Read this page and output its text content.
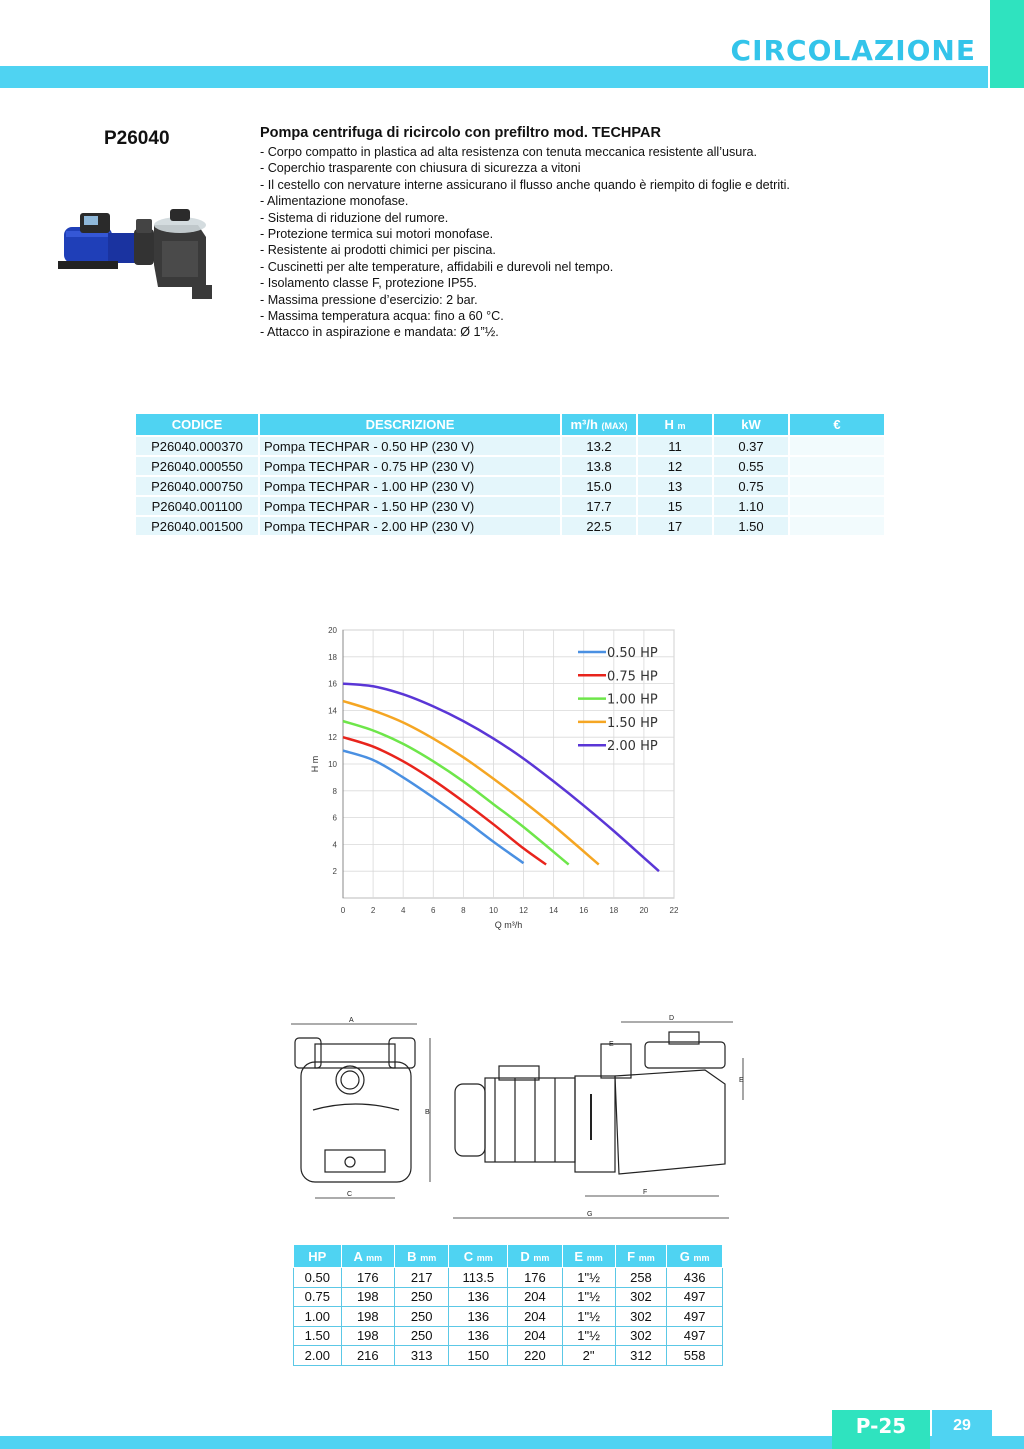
CIRCOLAZIONE
P26040	Pompa centrifuga di ricircolo con prefiltro mod. TECHPAR
- Corpo compatto in plastica ad alta resistenza con tenuta meccanica resistente all’usura.
- Coperchio trasparente con chiusura di sicurezza a vitoni
- Il cestello con nervature interne assicurano il flusso anche quando è riempito di foglie e detriti.
- Alimentazione monofase.
- Sistema di riduzione del rumore.
- Protezione termica sui motori monofase.
- Resistente ai prodotti chimici per piscina.
- Cuscinetti per alte temperature, affidabili e durevoli nel tempo.
- Isolamento classe F, protezione IP55.
- Massima pressione d’esercizio: 2 bar.
- Massima temperatura acqua: fino a 60 °C.
- Attacco in aspirazione e mandata: Ø 1”½.
CODICE	DESCRIZIONE	m³/h (MAX)	H m	kW	€
P26040.000370	Pompa TECHPAR - 0.50 HP (230 V)	13.2	11	0.37	
P26040.000550	Pompa TECHPAR - 0.75 HP (230 V)	13.8	12	0.55	
P26040.000750	Pompa TECHPAR - 1.00 HP (230 V)	15.0	13	0.75	
P26040.001100	Pompa TECHPAR - 1.50 HP (230 V)	17.7	15	1.10	
P26040.001500	Pompa TECHPAR - 2.00 HP (230 V)	22.5	17	1.50	
0	2	4	6	8	10	12	14	16	18	20	22
2
4
6
8
10
12
14
16
18
20
Q m³/h
H m
0.50 HP
0.75 HP
1.00 HP
1.50 HP
2.00 HP
A
B
C
D
E
E
F
G
HP	A mm	B mm	C mm	D mm	E mm	F mm	G mm
0.50	176	217	113.5	176	1"½	258	436
0.75	198	250	136	204	1"½	302	497
1.00	198	250	136	204	1"½	302	497
1.50	198	250	136	204	1"½	302	497
2.00	216	313	150	220	2"	312	558
P-25	29
